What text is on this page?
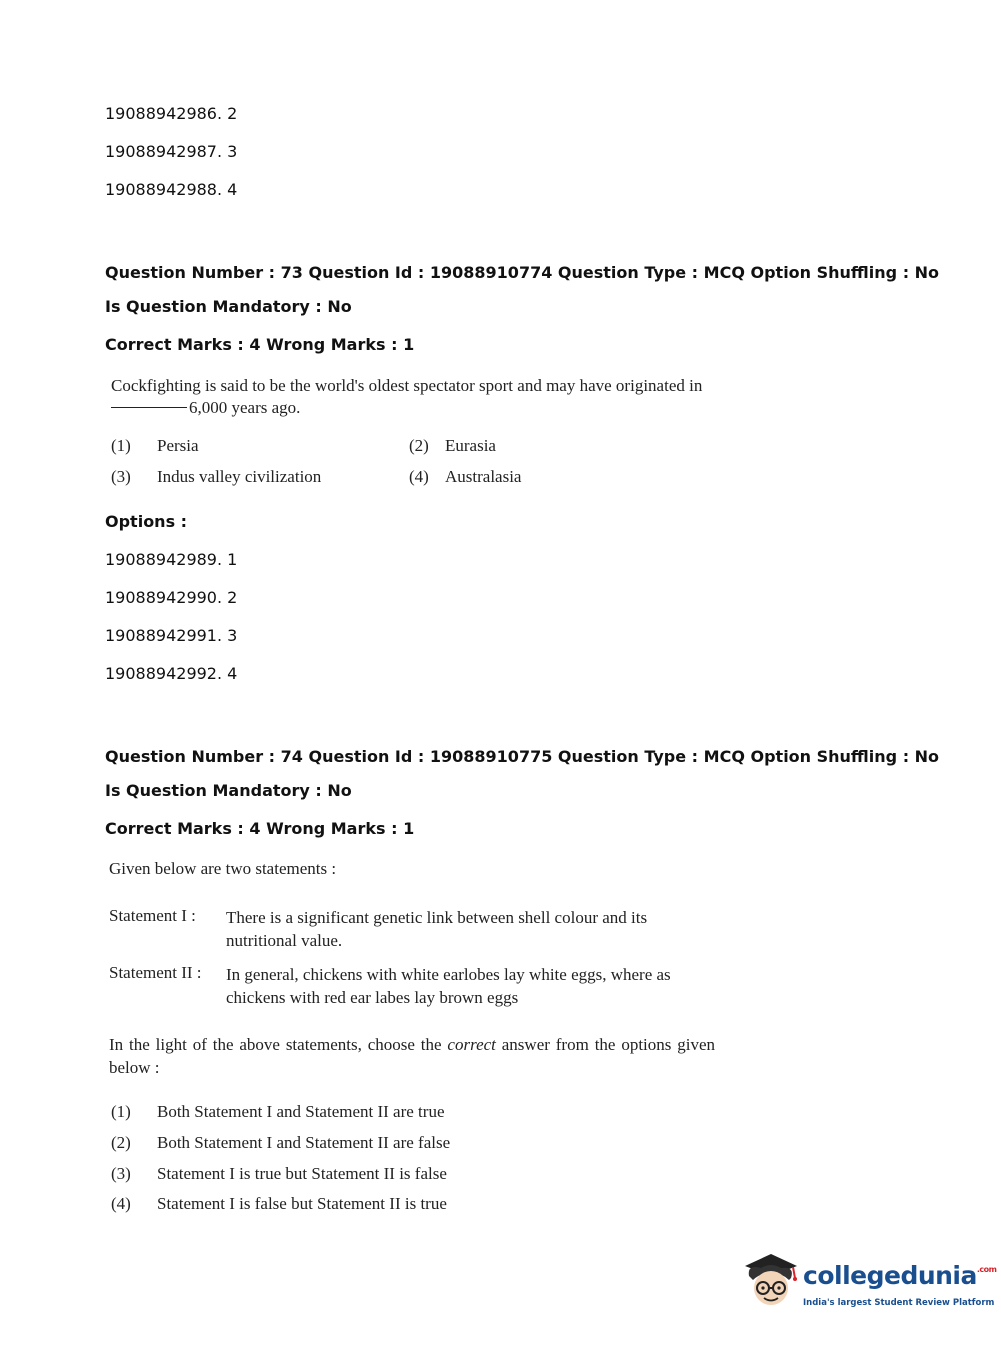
19088942986. 2
19088942987. 3
19088942988. 4
Question Number : 73 Question Id : 19088910774 Question Type : MCQ Option Shuffling : No
Is Question Mandatory : No
Correct Marks : 4 Wrong Marks : 1
Cockfighting is said to be the world's oldest spectator sport and may have originated in
6,000 years ago.
(1) Persia	(2) Eurasia
(3) Indus valley civilization	(4) Australasia
Options :
19088942989. 1
19088942990. 2
19088942991. 3
19088942992. 4
Question Number : 74 Question Id : 19088910775 Question Type : MCQ Option Shuffling : No
Is Question Mandatory : No
Correct Marks : 4 Wrong Marks : 1
Given below are two statements :
Statement I : There is a significant genetic link between shell colour and its nutritional value.
Statement II : In general, chickens with white earlobes lay white eggs, where as chickens with red ear labes lay brown eggs
In the light of the above statements, choose the correct answer from the options given below :
(1) Both Statement I and Statement II are true
(2) Both Statement I and Statement II are false
(3) Statement I is true but Statement II is false
(4) Statement I is false but Statement II is true
collegedunia$^{.com}$
India's largest Student Review Platform
